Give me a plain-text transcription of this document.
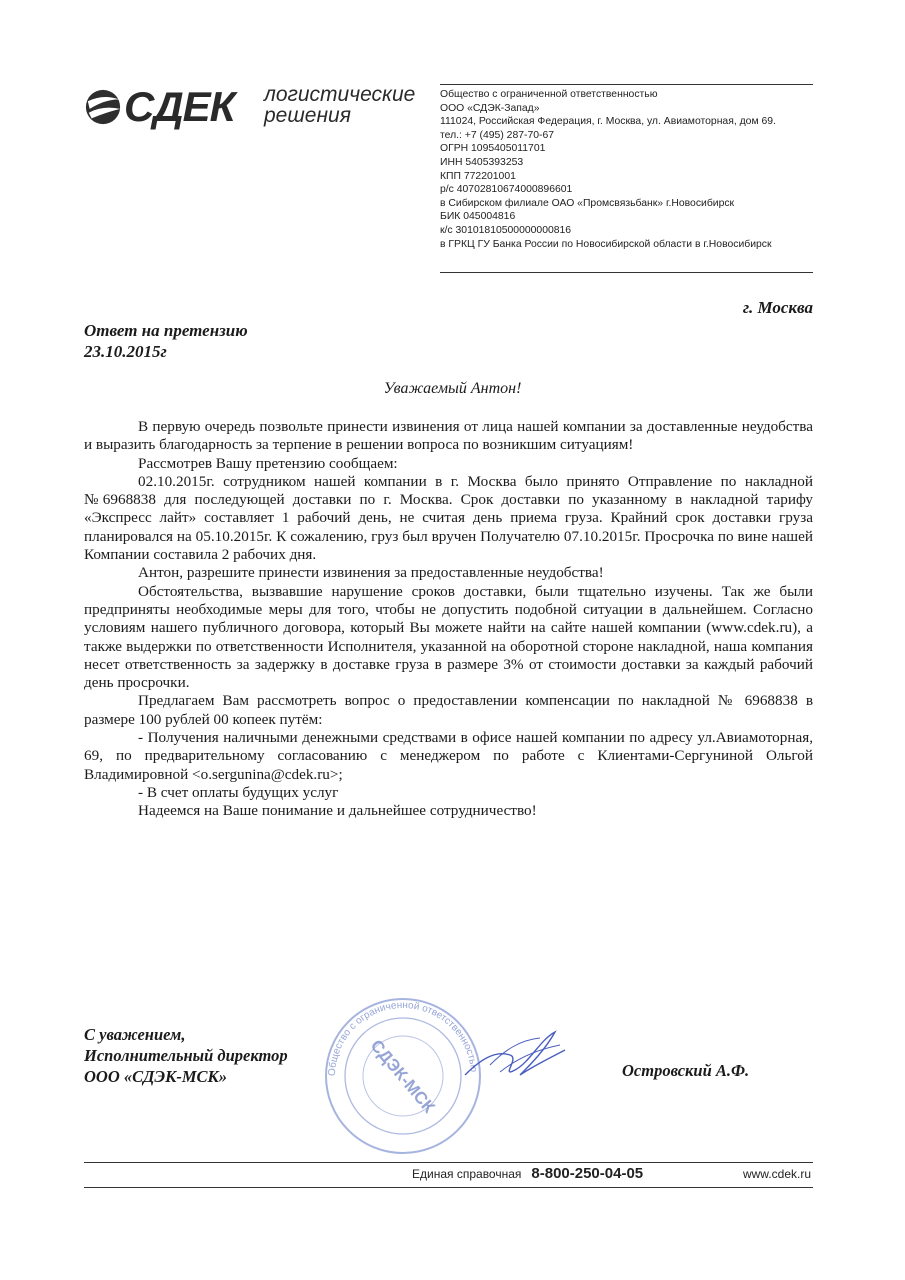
СДЕК логистические
решения
Общество с ограниченной ответственностью
ООО «СДЭК-Запад»
111024, Российская Федерация, г. Москва, ул. Авиамоторная, дом 69.
тел.: +7 (495) 287-70-67
ОГРН 1095405011701
ИНН 5405393253
КПП 772201001
р/с 40702810674000896601
в Сибирском филиале ОАО «Промсвязьбанк» г.Новосибирск
БИК 045004816
к/с 30101810500000000816
в ГРКЦ ГУ Банка России по Новосибирской области в г.Новосибирск
г. Москва
Ответ на претензию
23.10.2015г
Уважаемый Антон!

В первую очередь позвольте принести извинения от лица нашей компании за доставленные неудобства и выразить благодарность за терпение в решении вопроса по возникшим ситуациям!

Рассмотрев Вашу претензию сообщаем:

02.10.2015г. сотрудником нашей компании в г. Москва было принято Отправление по накладной №6968838 для последующей доставки по г. Москва. Срок доставки по указанному в накладной тарифу «Экспресс лайт» составляет 1 рабочий день, не считая день приема груза. Крайний срок доставки груза планировался на 05.10.2015г. К сожалению, груз был вручен Получателю 07.10.2015г. Просрочка по вине нашей Компании составила 2 рабочих дня.

Антон, разрешите принести извинения за предоставленные неудобства!

Обстоятельства, вызвавшие нарушение сроков доставки, были тщательно изучены. Так же были предприняты необходимые меры для того, чтобы не допустить подобной ситуации в дальнейшем. Согласно условиям нашего публичного договора, который Вы можете найти на сайте нашей компании (www.cdek.ru), а также выдержки по ответственности Исполнителя, указанной на оборотной стороне накладной, наша компания несет ответственность за задержку в доставке груза в размере 3% от стоимости доставки за каждый рабочий день просрочки.

Предлагаем Вам рассмотреть вопрос о предоставлении компенсации по накладной № 6968838 в размере 100 рублей 00 копеек путём:

- Получения наличными денежными средствами в офисе нашей компании по адресу ул.Авиамоторная, 69, по предварительному согласованию с менеджером по работе с Клиентами-Сергуниной Ольгой Владимировной <o.sergunina@cdek.ru>;

- В счет оплаты будущих услуг

Надеемся на Ваше понимание и дальнейшее сотрудничество!

Общество с ограниченной ответственностью
СДЭК-МСК
С уважением,
Исполнительный директор
ООО «СДЭК-МСК»	Островский А.Ф.
Единая справочная 8-800-250-04-05	www.cdek.ru
